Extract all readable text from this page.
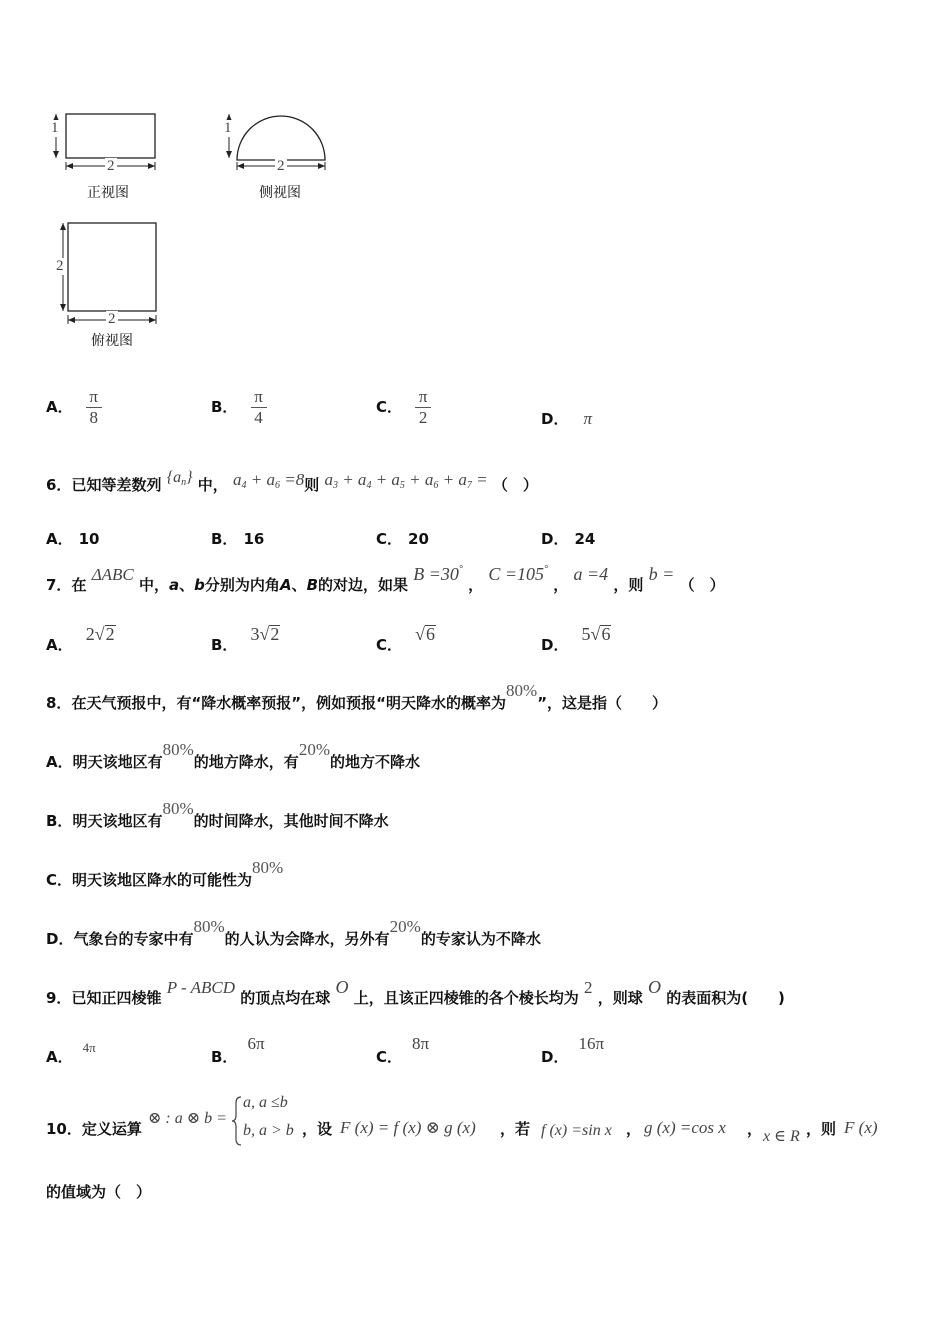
1
2
正视图
1
2
侧视图
2
2
俯视图
A． $\frac{\pi}{8}$	B． $\frac{\pi}{4}$	C． $\frac{\pi}{2}$	D． π
6．已知等差数列 $\{a_n\}$ 中， $a_4 + a_6 =8$则 $a_3 + a_4 + a_5 + a_6 + a_7$ = （　）
A． 10	B． 16	C． 20	D． 24
7．在 ΔABC 中，a、b分别为内角A、B的对边，如果 B =30° ， C =105° ， a =4 ，则 b = （　）
A． 2√2
B． 3√2
C． √6
D． 5√6
8．在天气预报中，有“降水概率预报”，例如预报“明天降水的概率为80%”，这是指（　　）
A．明天该地区有80%的地方降水，有20%的地方不降水
B．明天该地区有80%的时间降水，其他时间不降水
C．明天该地区降水的可能性为80%
D．气象台的专家中有80%的人认为会降水，另外有20%的专家认为不降水
9．已知正四棱锥 P - ABCD 的顶点均在球 O 上，且该正四棱锥的各个棱长均为 2 ，则球 O 的表面积为(　　)
A．4π
B．6π
C．8π
D．16π
10．定义运算
⊗ : a ⊗ b =
a, a ≤b
b, a > b ，设 F (x) = f (x) ⊗ g (x) ，若 f (x) =sin x ， g (x) =cos x ， x ∈ R ，则 F (x)
的值域为（　）
